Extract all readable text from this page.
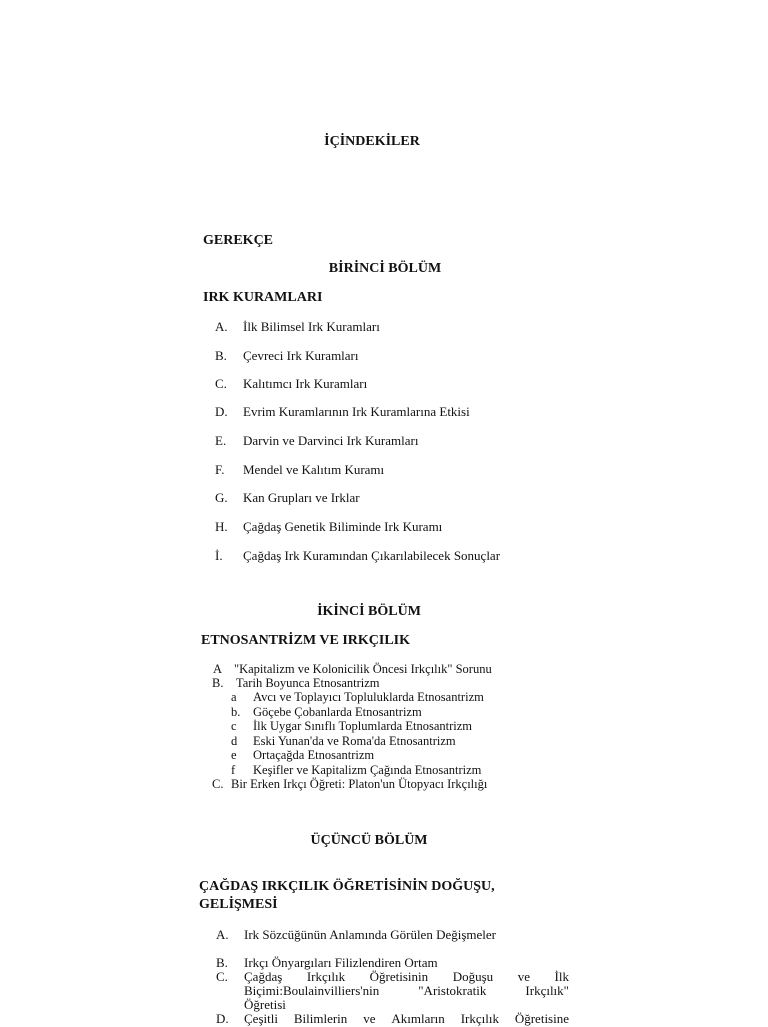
İÇİNDEKİLER
GEREKÇE
BİRİNCİ BÖLÜM
IRK KURAMLARI
A. İlk Bilimsel Irk Kuramları
B. Çevreci Irk Kuramları
C. Kalıtımcı Irk Kuramları
D. Evrim Kuramlarının Irk Kuramlarına Etkisi
E. Darvin ve Darvinci Irk Kuramları
F. Mendel ve Kalıtım Kuramı
G. Kan Grupları ve Irklar
H. Çağdaş Genetik Biliminde Irk Kuramı
İ. Çağdaş Irk Kuramından Çıkarılabilecek Sonuçlar
İKİNCİ BÖLÜM
ETNOSANTRİZM VE IRKÇILIK
A "Kapitalizm ve Kolonicilik Öncesi Irkçılık" Sorunu
B. Tarih Boyunca Etnosantrizm
a Avcı ve Toplayıcı Topluluklarda Etnosantrizm
b. Göçebe Çobanlarda Etnosantrizm
c İlk Uygar Sınıflı Toplumlarda Etnosantrizm
d Eski Yunan'da ve Roma'da Etnosantrizm
e Ortaçağda Etnosantrizm
f Keşifler ve Kapitalizm Çağında Etnosantrizm
C. Bir Erken Irkçı Öğreti: Platon'un Ütopyacı Irkçılığı
ÜÇÜNCÜ BÖLÜM
ÇAĞDAŞ IRKÇILIK ÖĞRETİSİNİN DOĞUŞU,
GELİŞMESİ
A. Irk Sözcüğünün Anlamında Görülen Değişmeler
B. Irkçı Önyargıları Filizlendiren Ortam
C. Çağdaş Irkçılık Öğretisinin Doğuşu ve İlk
Biçimi:Boulainvilliers'nin	"Aristokratik	Irkçılık"
Öğretisi
D. Çeşitli Bilimlerin ve Akımların Irkçılık Öğretisine
